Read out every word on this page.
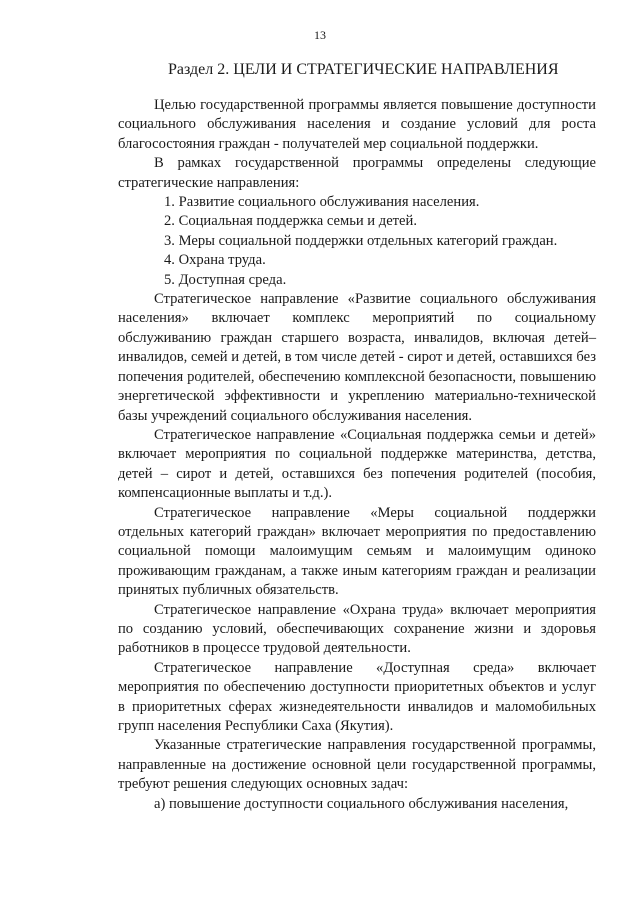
13
Раздел 2. ЦЕЛИ И СТРАТЕГИЧЕСКИЕ НАПРАВЛЕНИЯ

Целью государственной программы является повышение доступности социального обслуживания населения и создание условий для роста благосостояния граждан - получателей мер социальной поддержки.

В рамках государственной программы определены следующие стратегические направления:

1. Развитие социального обслуживания населения.

2. Социальная поддержка семьи и детей.

3. Меры социальной поддержки отдельных категорий граждан.

4. Охрана труда.

5. Доступная среда.

Стратегическое направление «Развитие социального обслуживания населения» включает комплекс мероприятий по социальному обслуживанию граждан старшего возраста, инвалидов, включая детей–инвалидов, семей и детей, в том числе детей - сирот и детей, оставшихся без попечения родителей, обеспечению комплексной безопасности, повышению энергетической эффективности и укреплению материально-технической базы учреждений социального обслуживания населения.

Стратегическое направление «Социальная поддержка семьи и детей» включает мероприятия по социальной поддержке материнства, детства, детей – сирот и детей, оставшихся без попечения родителей (пособия, компенсационные выплаты и т.д.).

Стратегическое направление «Меры социальной поддержки отдельных категорий граждан» включает мероприятия по предоставлению социальной помощи малоимущим семьям и малоимущим одиноко проживающим гражданам, а также иным категориям граждан и реализации принятых публичных обязательств.

Стратегическое направление «Охрана труда» включает мероприятия по созданию условий, обеспечивающих сохранение жизни и здоровья работников в процессе трудовой деятельности.

Стратегическое направление «Доступная среда» включает мероприятия по обеспечению доступности приоритетных объектов и услуг в приоритетных сферах жизнедеятельности инвалидов и маломобильных групп населения Республики Саха (Якутия).

Указанные стратегические направления государственной программы, направленные на достижение основной цели государственной программы, требуют решения следующих основных задач:

а) повышение доступности социального обслуживания населения,
